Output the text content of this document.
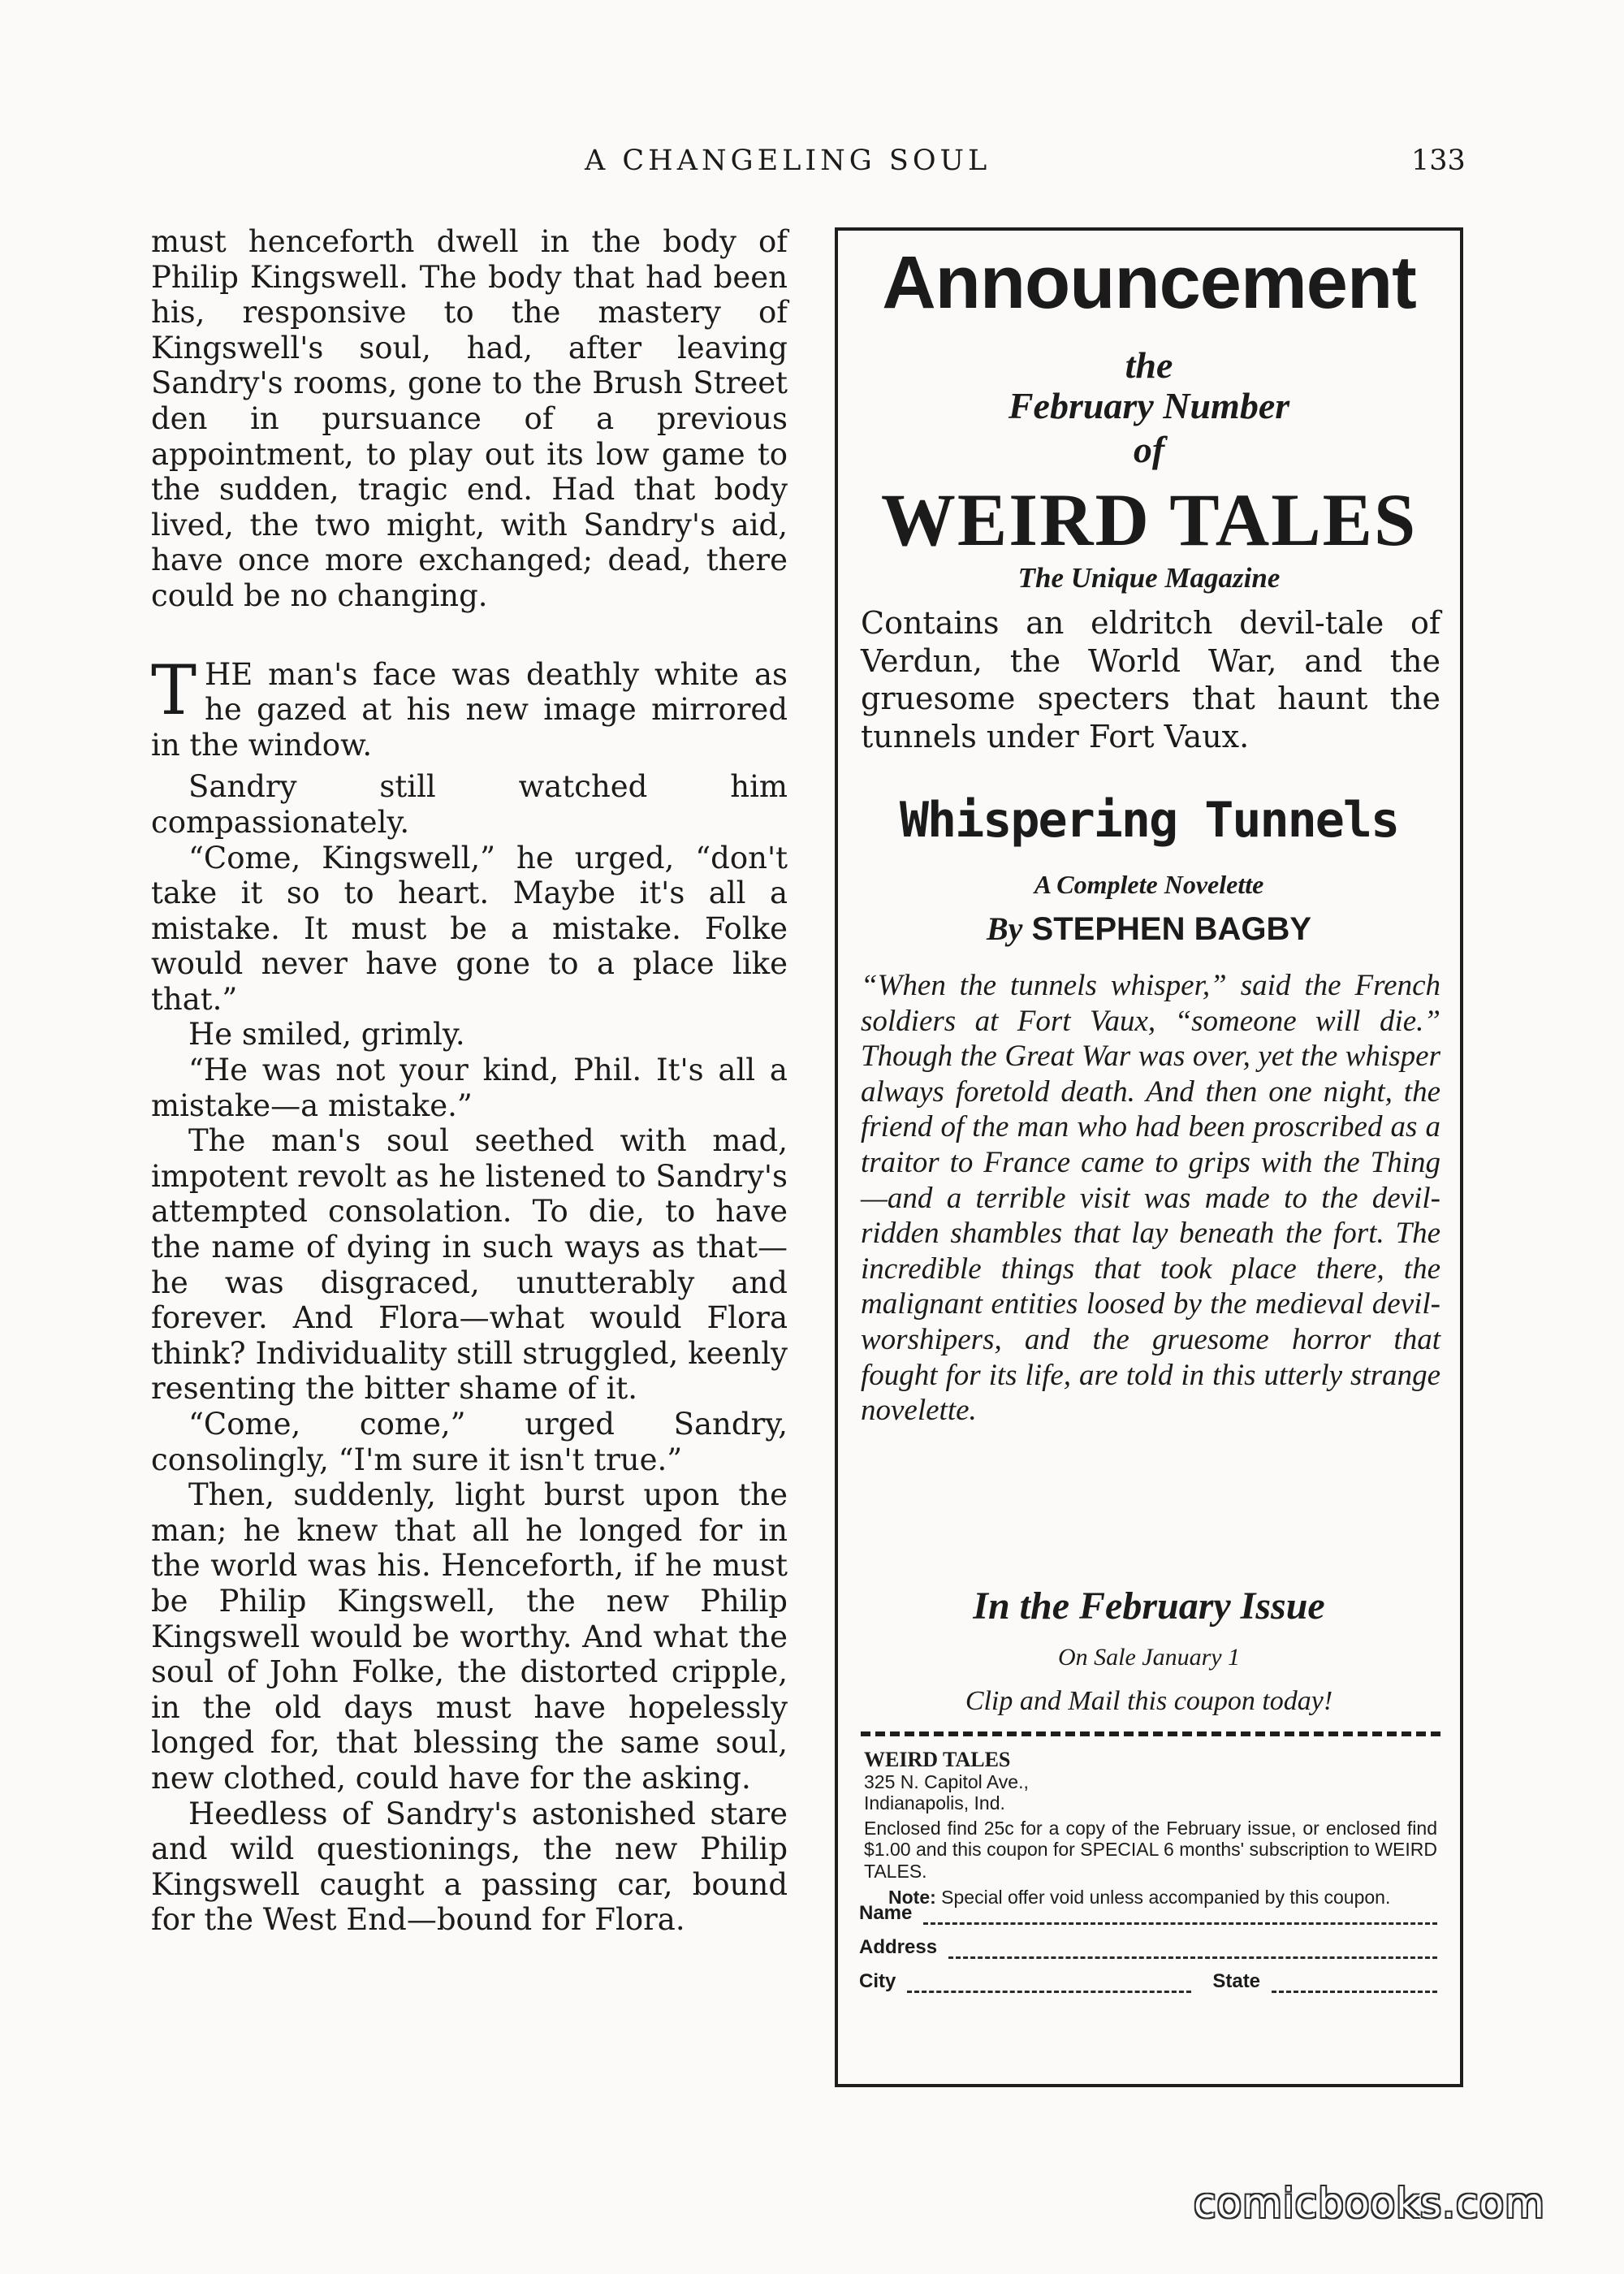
A CHANGELING SOUL	133

must henceforth dwell in the body of Philip Kingswell. The body that had been his, responsive to the mastery of Kingswell's soul, had, after leaving Sandry's rooms, gone to the Brush Street den in pursuance of a previous appointment, to play out its low game to the sudden, tragic end. Had that body lived, the two might, with Sandry's aid, have once more exchanged; dead, there could be no changing.

THE man's face was deathly white as he gazed at his new image mirrored in the window.

Sandry still watched him compassionately.

“Come, Kingswell,” he urged, “don't take it so to heart. Maybe it's all a mistake. It must be a mistake. Folke would never have gone to a place like that.”

He smiled, grimly.

“He was not your kind, Phil. It's all a mistake—a mistake.”

The man's soul seethed with mad, impotent revolt as he listened to Sandry's attempted consolation. To die, to have the name of dying in such ways as that—he was disgraced, unutterably and forever. And Flora—what would Flora think? Individuality still struggled, keenly resenting the bitter shame of it.

“Come, come,” urged Sandry, consolingly, “I'm sure it isn't true.”

Then, suddenly, light burst upon the man; he knew that all he longed for in the world was his. Henceforth, if he must be Philip Kingswell, the new Philip Kingswell would be worthy. And what the soul of John Folke, the distorted cripple, in the old days must have hopelessly longed for, that blessing the same soul, new clothed, could have for the asking.

Heedless of Sandry's astonished stare and wild questionings, the new Philip Kingswell caught a passing car, bound for the West End—bound for Flora.

Announcement

the

February Number

of

WEIRD TALES

The Unique Magazine

Contains an eldritch devil-tale of Verdun, the World War, and the gruesome specters that haunt the tunnels under Fort Vaux.

Whispering Tunnels

A Complete Novelette

By STEPHEN BAGBY

“When the tunnels whisper,” said the French soldiers at Fort Vaux, “someone will die.” Though the Great War was over, yet the whisper always foretold death. And then one night, the friend of the man who had been proscribed as a traitor to France came to grips with the Thing—and a terrible visit was made to the devil-ridden shambles that lay beneath the fort. The incredible things that took place there, the malignant entities loosed by the medieval devil-worshipers, and the gruesome horror that fought for its life, are told in this utterly strange novelette.

In the February Issue

On Sale January 1

Clip and Mail this coupon today!

WEIRD TALES

325 N. Capitol Ave.,

Indianapolis, Ind.

Enclosed find 25c for a copy of the February issue, or enclosed find $1.00 and this coupon for SPECIAL 6 months' subscription to WEIRD TALES.

Note: Special offer void unless accompanied by this coupon.

Name
Address
City	State
comicbooks.com
